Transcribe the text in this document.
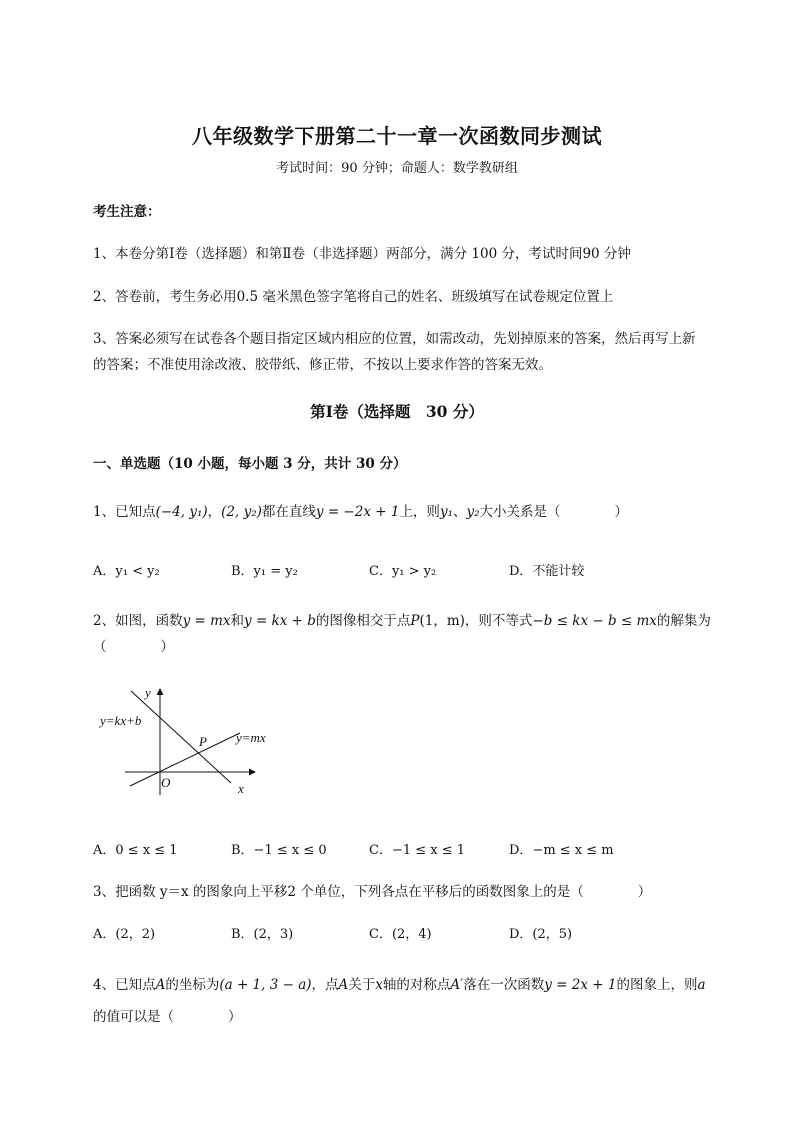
八年级数学下册第二十一章一次函数同步测试
考试时间：90 分钟；命题人：数学教研组
考生注意：
1、本卷分第Ⅰ卷（选择题）和第Ⅱ卷（非选择题）两部分，满分 100 分，考试时间90 分钟
2、答卷前，考生务必用0.5 毫米黑色签字笔将自己的姓名、班级填写在试卷规定位置上
3、答案必须写在试卷各个题目指定区域内相应的位置，如需改动，先划掉原来的答案，然后再写上新
的答案；不准使用涂改液、胶带纸、修正带，不按以上要求作答的答案无效。
第Ⅰ卷（选择题　30 分）
一、单选题（10 小题，每小题 3 分，共计 30 分）
1、已知点(−4, y₁)，(2, y₂)都在直线y = −2x + 1上，则y₁、y₂大小关系是（　　　　）
A．y₁ < y₂	B．y₁ = y₂	C．y₁ > y₂	D．不能计较
2、如图，函数y = mx和y = kx + b的图像相交于点P(1，m)，则不等式−b ≤ kx − b ≤ mx的解集为
（　　　　）
y
x
O
P
y=kx+b
y=mx
A．0 ≤ x ≤ 1	B．−1 ≤ x ≤ 0	C．−1 ≤ x ≤ 1	D．−m ≤ x ≤ m
3、把函数 y＝x 的图象向上平移2 个单位，下列各点在平移后的函数图象上的是（　　　　）
A．(2，2)	B．(2，3)	C．(2，4)	D．(2，5)
4、已知点A的坐标为(a + 1, 3 − a)，点A关于x轴的对称点A′落在一次函数y = 2x + 1的图象上，则a
的值可以是（　　　　）
